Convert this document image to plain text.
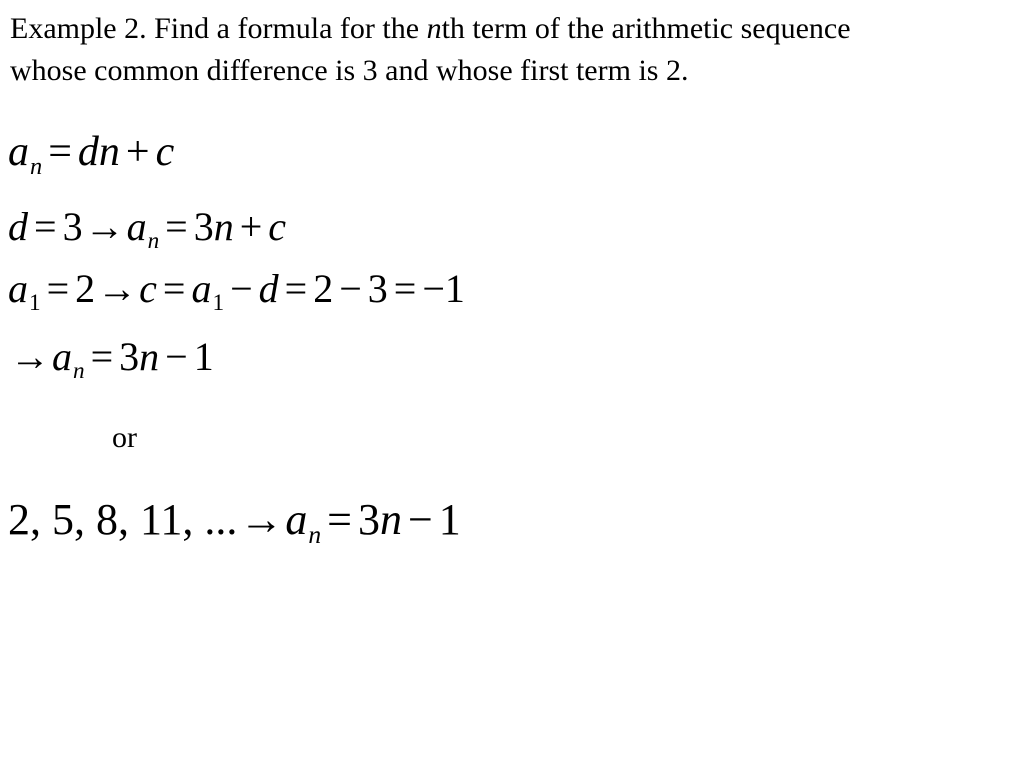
Example 2. Find a formula for the nth term of the arithmetic sequence
whose common difference is 3 and whose first term is 2.
$a_n$ = dn + c
$d = 3\to a_n = 3n + c$
$a_1 = 2\to c = a_1 - d = 2 - 3 = -1$
$\to a_n = 3n - 1$
or
2, 5, 8, 11, $...\to a_n = 3n - 1$
